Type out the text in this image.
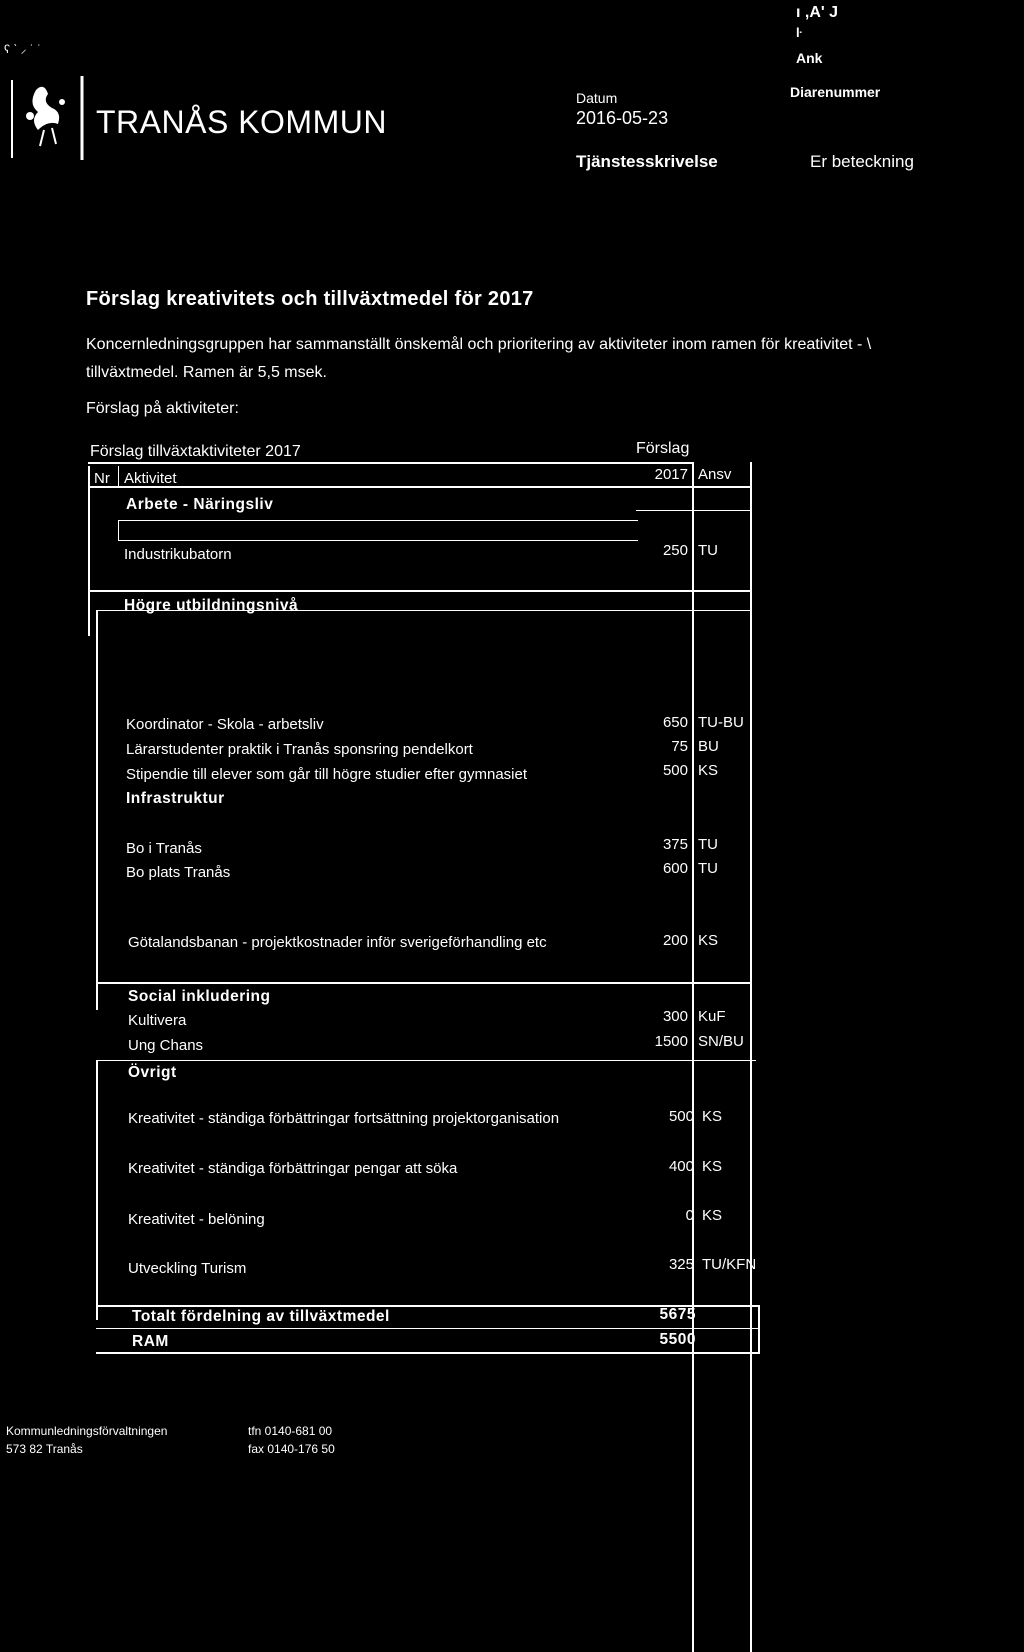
ʕ ˋ ⸝ ˙ ˙
TRANÅS KOMMUN
Datum
2016-05-23
Tjänstesskrivelse	Er beteckning
ı ,A' J
ŀ
Ank
Diarenummer
Förslag kreativitets och tillväxtmedel för 2017
Koncernledningsgruppen har sammanställt önskemål och prioritering av aktiviteter inom ramen för kreativitet - \
tillväxtmedel. Ramen är 5,5 msek.
Förslag på aktiviteter:
Förslag tillväxtaktiviteter 2017	Förslag
Nr Aktivitet	2017 Ansv
Arbete - Näringsliv
Industrikubatorn	250 TU
Högre utbildningsnivå
Koordinator - Skola - arbetsliv	650 TU-BU
Lärarstudenter praktik i Tranås sponsring pendelkort	75 BU
Stipendie till elever som går till högre studier efter gymnasiet	500 KS
Infrastruktur
Bo i Tranås	375 TU
Bo plats Tranås	600 TU
Götalandsbanan - projektkostnader inför sverigeförhandling etc	200 KS
Social inkludering
Kultivera	300 KuF
Ung Chans	1500 SN/BU
Övrigt
Kreativitet - ständiga förbättringar fortsättning projektorganisation	500 KS
Kreativitet - ständiga förbättringar pengar att söka	400 KS
Kreativitet - belöning	0 KS
Utveckling Turism	325 TU/KFN
Totalt fördelning av tillväxtmedel	5675
RAM	5500
Kommunledningsförvaltningen
573 82 Tranås
tfn 0140-681 00
fax 0140-176 50
